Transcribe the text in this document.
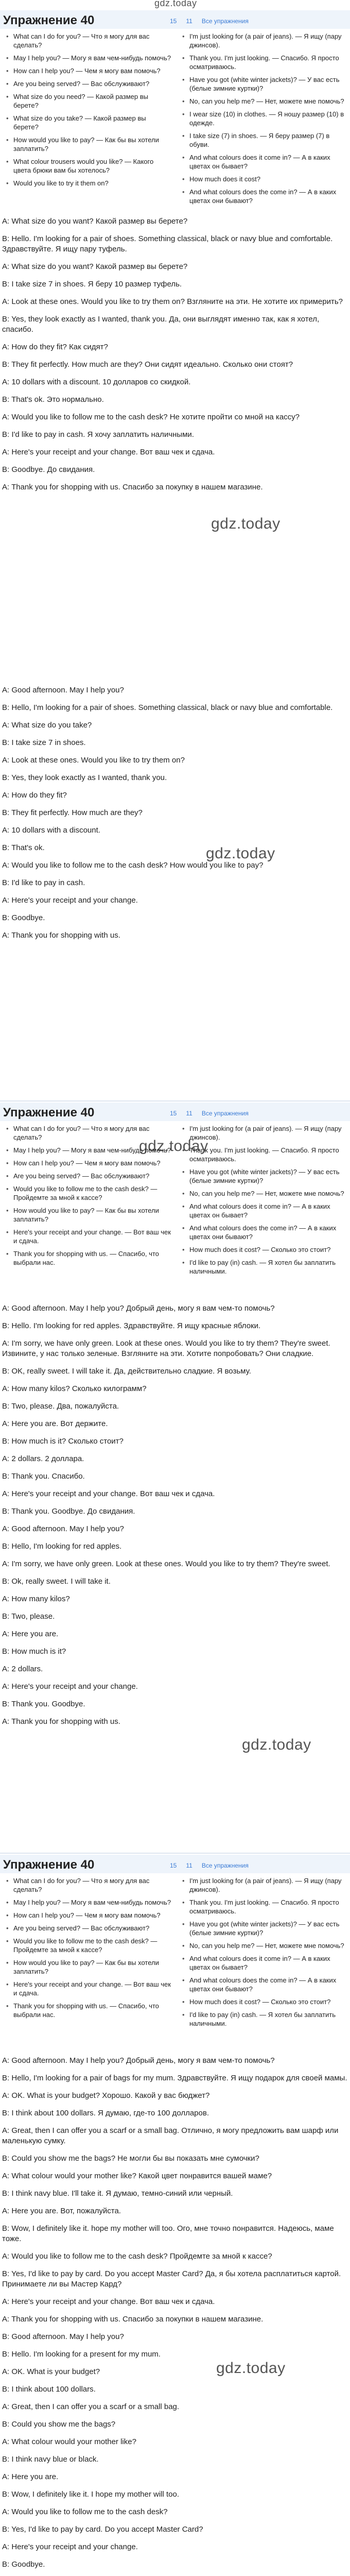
gdz.today
gdz.today
gdz.today
gdz.today
gdz.today
gdz.today
Упражнение 40	15 11 Все упражнения
• What can I do for you? — Что я могу для вас сделать?
• May I help you? — Могу я вам чем-нибудь помочь?
• How can I help you? — Чем я могу вам помочь?
• Are you being served? — Вас обслуживают?
• What size do you need? — Какой размер вы берете?
• What size do you take? — Какой размер вы берете?
• How would you like to pay? — Как бы вы хотели заплатить?
• What colour trousers would you like? — Какого цвета брюки вам бы хотелось?
• Would you like to try it them on?
• I'm just looking for (a pair of jeans). — Я ищу (пару джинсов).
• Thank you. I'm just looking. — Спасибо. Я просто осматриваюсь.
• Have you got (white winter jackets)? — У вас есть (белые зимние куртки)?
• No, can you help me? — Нет, можете мне помочь?
• I wear size (10) in clothes. — Я ношу размер (10) в одежде.
• I take size (7) in shoes. — Я беру размер (7) в обуви.
• And what colours does it come in? — А в каких цветах он бывает?
• How much does it cost?
• And what colours does the come in? — А в каких цветах они бывают?

A: What size do you want? Какой размер вы берете?

B: Hello. I'm looking for a pair of shoes. Something classical, black or navy blue and comfortable. Здравствуйте. Я ищу пару туфель.

A: What size do you want? Какой размер вы берете?

B: I take size 7 in shoes. Я беру 10 размер туфель.

A: Look at these ones. Would you like to try them on? Взгляните на эти. Не хотите их примерить?

B: Yes, they look exactly as I wanted, thank you. Да, они выглядят именно так, как я хотел, спасибо.

A: How do they fit? Как сидят?

B: They fit perfectly. How much are they? Они сидят идеально. Сколько они стоят?

A: 10 dollars with a discount. 10 долларов со скидкой.

B: That's ok. Это нормально.

A: Would you like to follow me to the cash desk? Не хотите пройти со мной на кассу?

B: I'd like to pay in cash. Я хочу заплатить наличными.

A: Here's your receipt and your change. Вот ваш чек и сдача.

B: Goodbye. До свидания.

A: Thank you for shopping with us. Спасибо за покупку в нашем магазине.

A: Good afternoon. May I help you?

B: Hello, I'm looking for a pair of shoes. Something classical, black or navy blue and comfortable.

A: What size do you take?

B: I take size 7 in shoes.

A: Look at these ones. Would you like to try them on?

B: Yes, they look exactly as I wanted, thank you.

A: How do they fit?

B: They fit perfectly. How much are they?

A: 10 dollars with a discount.

B: That's ok.

A: Would you like to follow me to the cash desk? How would you like to pay?

B: I'd like to pay in cash.

A: Here's your receipt and your change.

B: Goodbye.

A: Thank you for shopping with us.

Упражнение 40	15 11 Все упражнения
• What can I do for you? — Что я могу для вас сделать?
• May I help you? — Могу я вам чем-нибудь помочь?
• How can I help you? — Чем я могу вам помочь?
• Are you being served? — Вас обслуживают?
• Would you like to follow me to the cash desk? — Пройдемте за мной к кассе?
• How would you like to pay? — Как бы вы хотели заплатить?
• Here's your receipt and your change. — Вот ваш чек и сдача.
• Thank you for shopping with us. — Спасибо, что выбрали нас.
• I'm just looking for (a pair of jeans). — Я ищу (пару джинсов).
• Thank you. I'm just looking. — Спасибо. Я просто осматриваюсь.
• Have you got (white winter jackets)? — У вас есть (белые зимние куртки)?
• No, can you help me? — Нет, можете мне помочь?
• And what colours does it come in? — А в каких цветах он бывает?
• And what colours does the come in? — А в каких цветах они бывают?
• How much does it cost? — Сколько это стоит?
• I'd like to pay (in) cash. — Я хотел бы заплатить наличными.

A: Good afternoon. May I help you? Добрый день, могу я вам чем-то помочь?

B: Hello. I'm looking for red apples. Здравствуйте. Я ищу красные яблоки.

A: I'm sorry, we have only green. Look at these ones. Would you like to try them? They're sweet. Извините, у нас только зеленые. Взгляните на эти. Хотите попробовать? Они сладкие.

B: OK, really sweet. I will take it. Да, действительно сладкие. Я возьму.

A: How many kilos? Сколько килограмм?

B: Two, please. Два, пожалуйста.

A: Here you are. Вот держите.

B: How much is it? Сколько стоит?

A: 2 dollars. 2 доллара.

B: Thank you. Спасибо.

A: Here's your receipt and your change. Вот ваш чек и сдача.

B: Thank you. Goodbye. До свидания.

A: Good afternoon. May I help you?

B: Hello, I'm looking for red apples.

A: I'm sorry, we have only green. Look at these ones. Would you like to try them? They're sweet.

B: Ok, really sweet. I will take it.

A: How many kilos?

B: Two, please.

A: Here you are.

B: How much is it?

A: 2 dollars.

A: Here's your receipt and your change.

B: Thank you. Goodbye.

A: Thank you for shopping with us.

Упражнение 40	15 11 Все упражнения
• What can I do for you? — Что я могу для вас сделать?
• May I help you? — Могу я вам чем-нибудь помочь?
• How can I help you? — Чем я могу вам помочь?
• Are you being served? — Вас обслуживают?
• Would you like to follow me to the cash desk? — Пройдемте за мной к кассе?
• How would you like to pay? — Как бы вы хотели заплатить?
• Here's your receipt and your change. — Вот ваш чек и сдача.
• Thank you for shopping with us. — Спасибо, что выбрали нас.
• I'm just looking for (a pair of jeans). — Я ищу (пару джинсов).
• Thank you. I'm just looking. — Спасибо. Я просто осматриваюсь.
• Have you got (white winter jackets)? — У вас есть (белые зимние куртки)?
• No, can you help me? — Нет, можете мне помочь?
• And what colours does it come in? — А в каких цветах он бывает?
• And what colours does the come in? — А в каких цветах они бывают?
• How much does it cost? — Сколько это стоит?
• I'd like to pay (in) cash. — Я хотел бы заплатить наличными.

A: Good afternoon. May I help you? Добрый день, могу я вам чем-то помочь?

B: Hello, I'm looking for a pair of bags for my mum. Здравствуйте. Я ищу подарок для своей мамы.

A: OK. What is your budget? Хорошо. Какой у вас бюджет?

B: I think about 100 dollars. Я думаю, где-то 100 долларов.

A: Great, then I can offer you a scarf or a small bag. Отлично, я могу предложить вам шарф или маленькую сумку.

B: Could you show me the bags? Не могли бы вы показать мне сумочки?

A: What colour would your mother like? Какой цвет понравится вашей маме?

B: I think navy blue. I'll take it. Я думаю, темно-синий или черный.

A: Here you are. Вот, пожалуйста.

B: Wow, I definitely like it. hope my mother will too. Ого, мне точно понравится. Надеюсь, маме тоже.

A: Would you like to follow me to the cash desk? Пройдемте за мной к кассе?

B: Yes, I'd like to pay by card. Do you accept Master Card? Да, я бы хотела расплатиться картой. Принимаете ли вы Мастер Кард?

A: Here's your receipt and your change. Вот ваш чек и сдача.

A: Thank you for shopping with us. Спасибо за покупки в нашем магазине.

B: Good afternoon. May I help you?

B: Hello. I'm looking for a present for my mum.

A: OK. What is your budget?

B: I think about 100 dollars.

A: Great, then I can offer you a scarf or a small bag.

B: Could you show me the bags?

A: What colour would your mother like?

B: I think navy blue or black.

A: Here you are.

B: Wow, I definitely like it. I hope my mother will too.

A: Would you like to follow me to the cash desk?

B: Yes, I'd like to pay by card. Do you accept Master Card?

A: Here's your receipt and your change.

B: Goodbye.
